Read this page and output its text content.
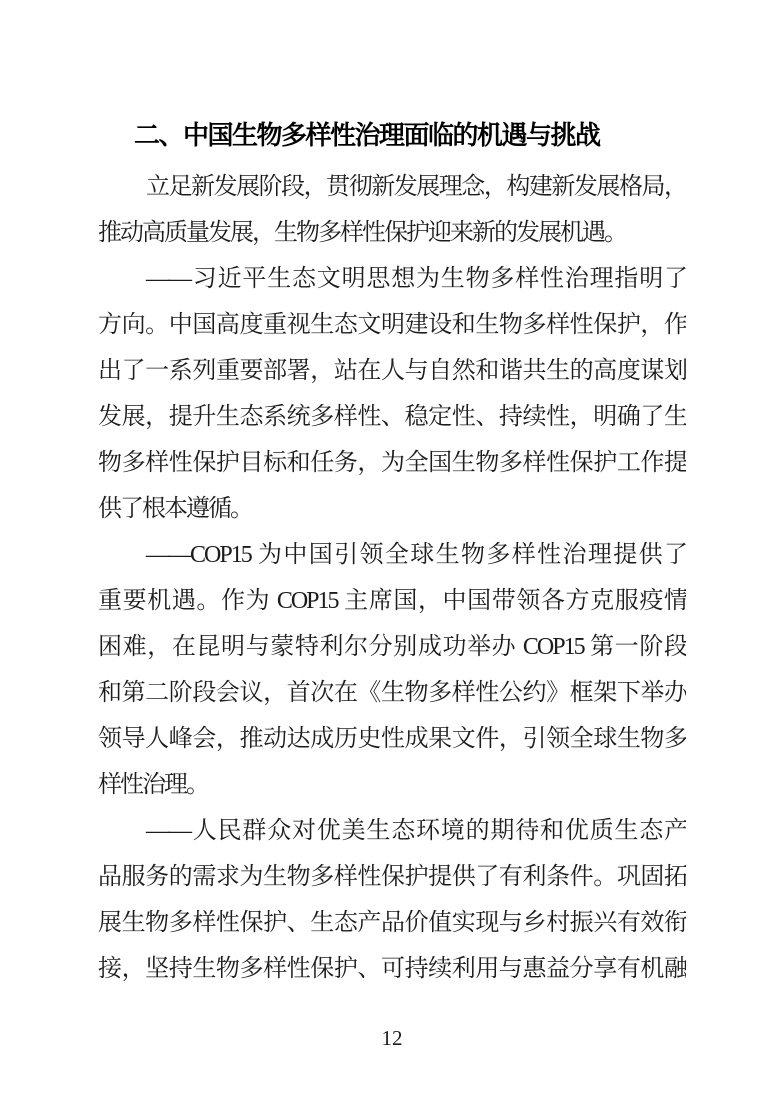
二、中国生物多样性治理面临的机遇与挑战
立足新发展阶段，贯彻新发展理念，构建新发展格局，
推动高质量发展，生物多样性保护迎来新的发展机遇。
——习近平生态文明思想为生物多样性治理指明了
方向。中国高度重视生态文明建设和生物多样性保护，作
出了一系列重要部署，站在人与自然和谐共生的高度谋划
发展，提升生态系统多样性、稳定性、持续性，明确了生
物多样性保护目标和任务，为全国生物多样性保护工作提
供了根本遵循。
——COP15 为中国引领全球生物多样性治理提供了
重要机遇。作为 COP15 主席国，中国带领各方克服疫情
困难，在昆明与蒙特利尔分别成功举办 COP15 第一阶段
和第二阶段会议，首次在《生物多样性公约》框架下举办
领导人峰会，推动达成历史性成果文件，引领全球生物多
样性治理。
——人民群众对优美生态环境的期待和优质生态产
品服务的需求为生物多样性保护提供了有利条件。巩固拓
展生物多样性保护、生态产品价值实现与乡村振兴有效衔
接，坚持生物多样性保护、可持续利用与惠益分享有机融
12
